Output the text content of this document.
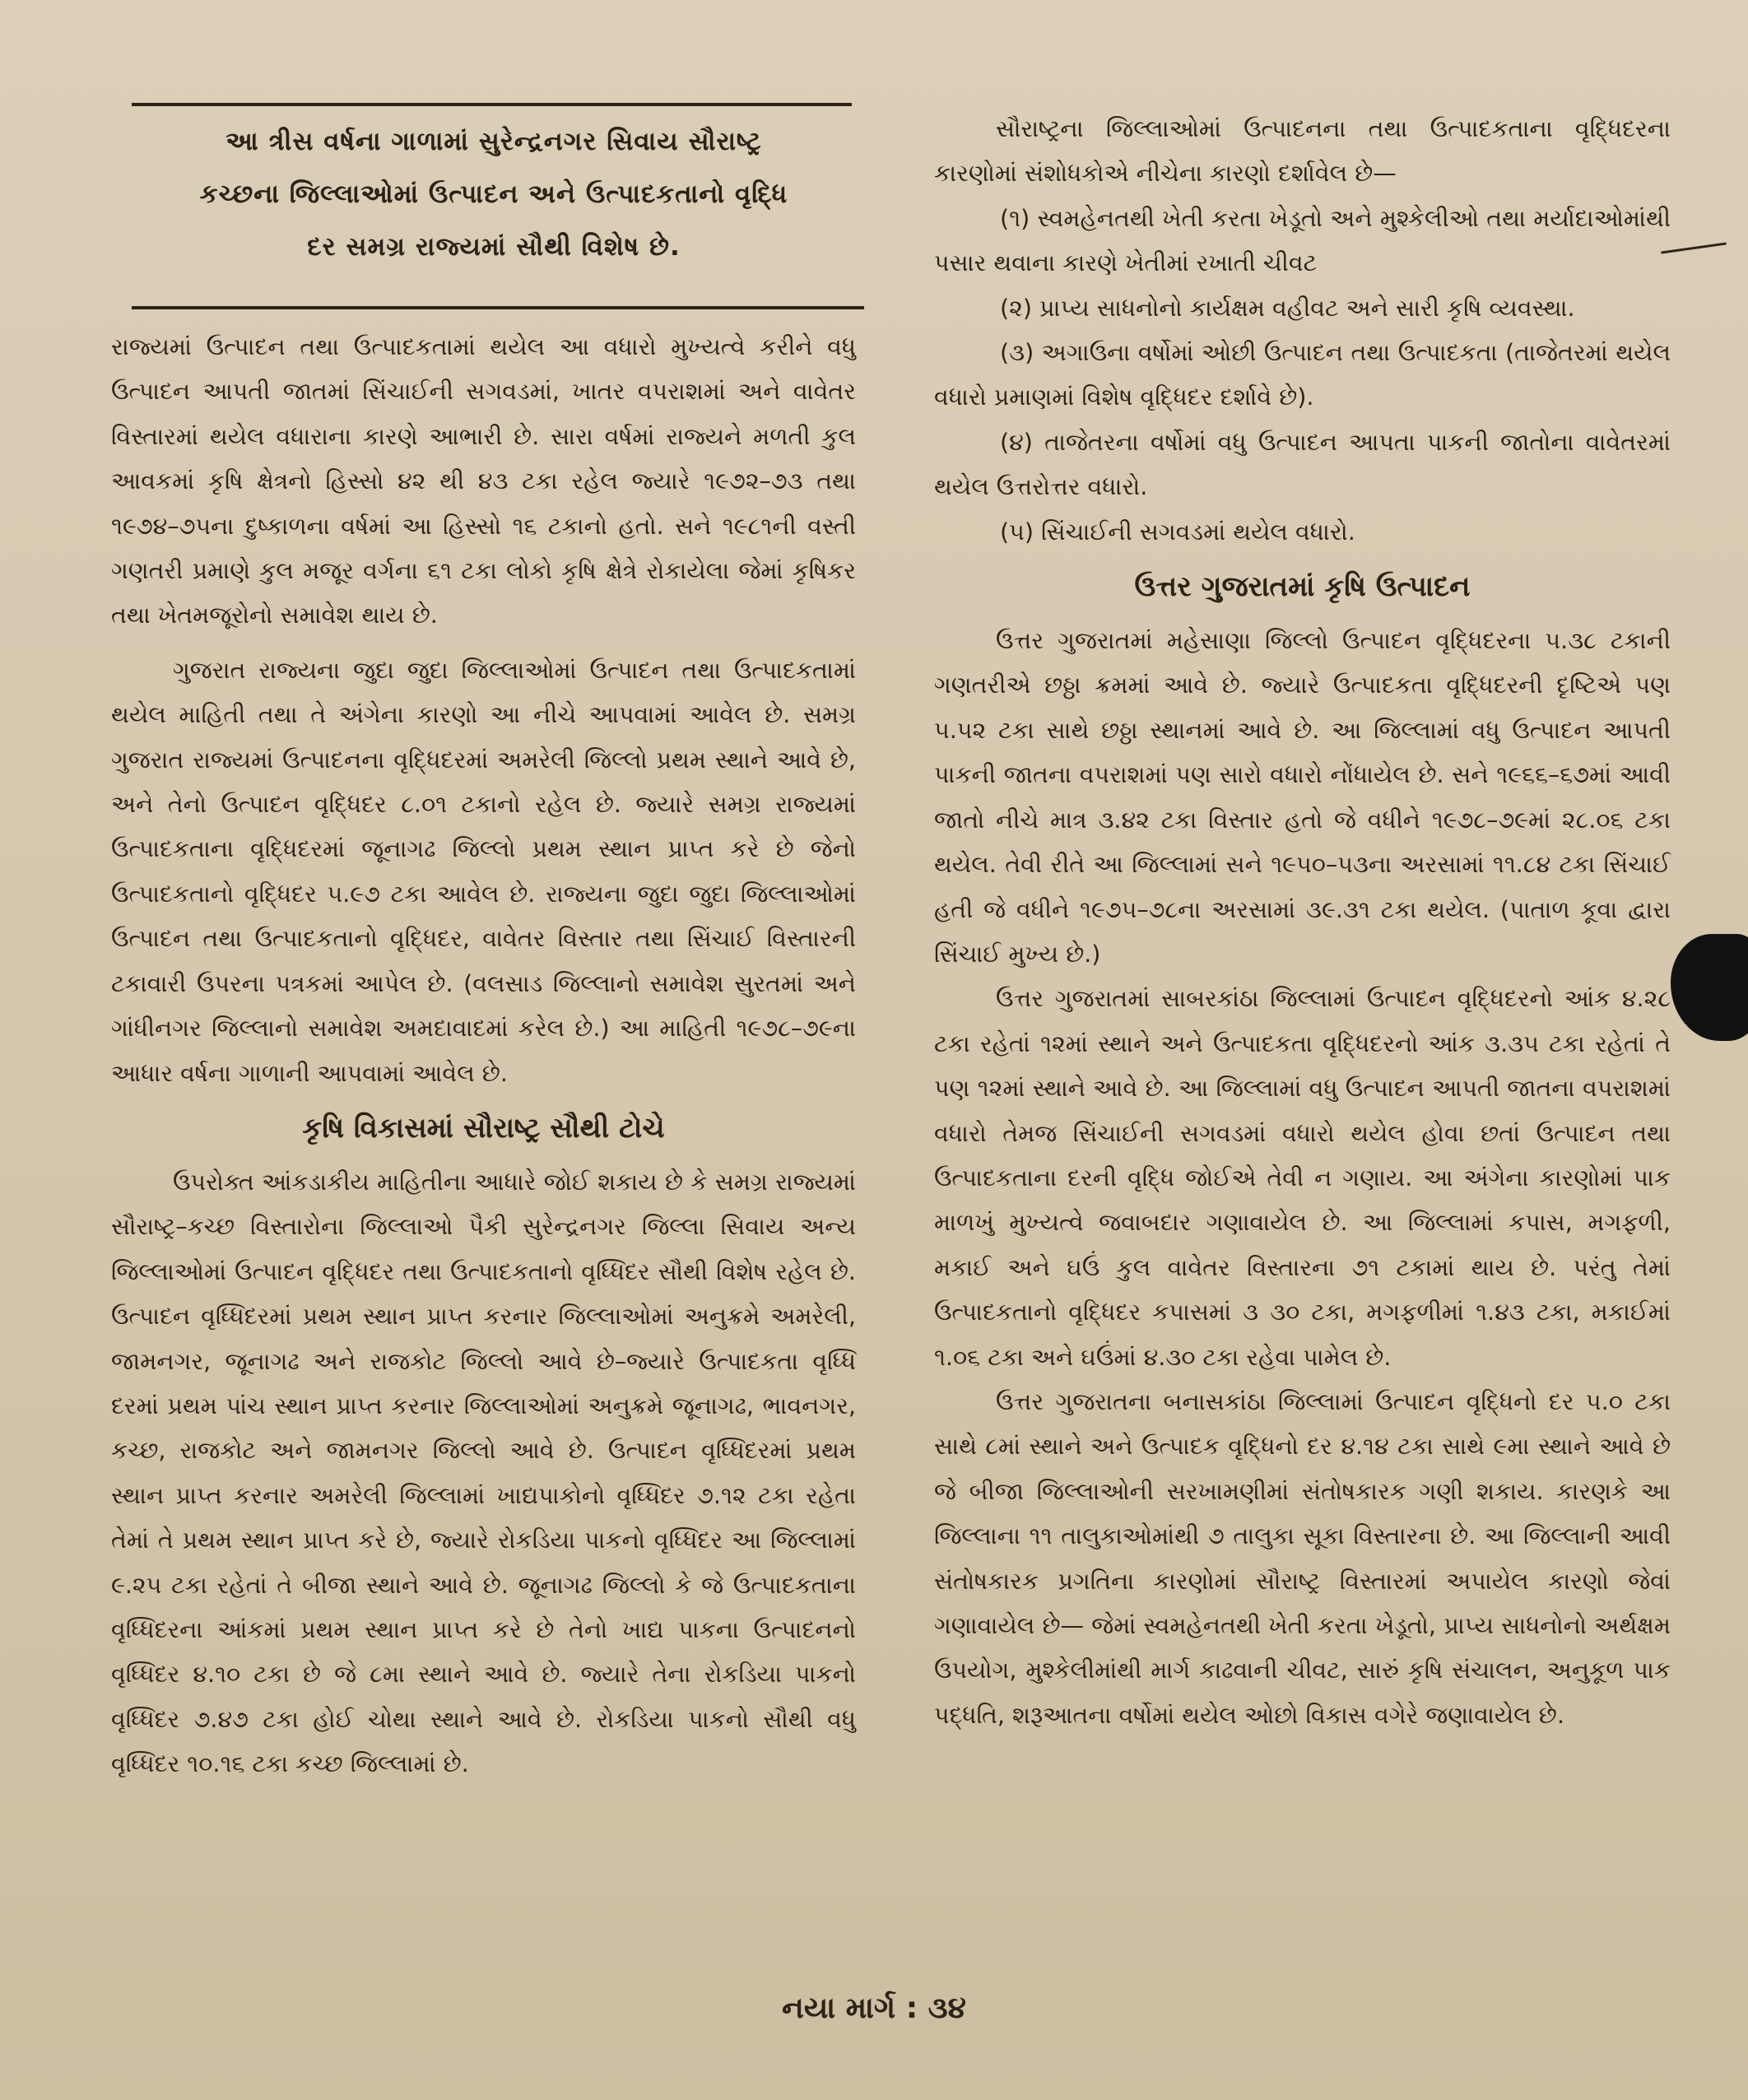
આ ત્રીસ વર્ષના ગાળામાં સુરેન્દ્રનગર સિવાય સૌરાષ્ટ્ર

કચ્છના જિલ્લાઓમાં ઉત્પાદન અને ઉત્પાદકતાનો વૃદ્ધિ

દર સમગ્ર રાજ્યમાં સૌથી વિશેષ છે.

રાજ્યમાં ઉત્પાદન તથા ઉત્પાદકતામાં થયેલ આ વધારો મુખ્યત્વે કરીને વધુ ઉત્પાદન આપતી જાતમાં સિંચાઈની સગવડમાં, ખાતર વપરાશમાં અને વાવેતર વિસ્તારમાં થયેલ વધારાના કારણે આભારી છે. સારા વર્ષમાં રાજ્યને મળતી કુલ આવકમાં કૃષિ ક્ષેત્રનો હિસ્સો ૪૨ થી ૪૩ ટકા રહેલ જ્યારે ૧૯૭૨–૭૩ તથા ૧૯૭૪–૭૫ના દુષ્કાળના વર્ષમાં આ હિસ્સો ૧૬ ટકાનો હતો. સને ૧૯૮૧ની વસ્તી ગણતરી પ્રમાણે કુલ મજૂર વર્ગના ૬૧ ટકા લોકો કૃષિ ક્ષેત્રે રોકાયેલા જેમાં કૃષિકર તથા ખેતમજૂરોનો સમાવેશ થાય છે.

ગુજરાત રાજ્યના જુદા જુદા જિલ્લાઓમાં ઉત્પાદન તથા ઉત્પાદકતામાં થયેલ માહિતી તથા તે અંગેના કારણો આ નીચે આપવામાં આવેલ છે. સમગ્ર ગુજરાત રાજ્યમાં ઉત્પાદનના વૃદ્ધિદરમાં અમરેલી જિલ્લો પ્રથમ સ્થાને આવે છે, અને તેનો ઉત્પાદન વૃદ્ધિદર ૮.૦૧ ટકાનો રહેલ છે. જ્યારે સમગ્ર રાજ્યમાં ઉત્પાદકતાના વૃદ્ધિદરમાં જૂનાગઢ જિલ્લો પ્રથમ સ્થાન પ્રાપ્ત કરે છે જેનો ઉત્પાદકતાનો વૃદ્ધિદર ૫.૯૭ ટકા આવેલ છે. રાજ્યના જુદા જુદા જિલ્લાઓમાં ઉત્પાદન તથા ઉત્પાદકતાનો વૃદ્ધિદર, વાવેતર વિસ્તાર તથા સિંચાઈ વિસ્તારની ટકાવારી ઉપરના પત્રકમાં આપેલ છે. (વલસાડ જિલ્લાનો સમાવેશ સુરતમાં અને ગાંધીનગર જિલ્લાનો સમાવેશ અમદાવાદમાં કરેલ છે.) આ માહિતી ૧૯૭૮–૭૯ના આધાર વર્ષના ગાળાની આપવામાં આવેલ છે.

કૃષિ વિકાસમાં સૌરાષ્ટ્ર સૌથી ટોચે

ઉપરોક્ત આંકડાકીય માહિતીના આધારે જોઈ શકાય છે કે સમગ્ર રાજ્યમાં સૌરાષ્ટ્ર–કચ્છ વિસ્તારોના જિલ્લાઓ પૈકી સુરેન્દ્રનગર જિલ્લા સિવાય અન્ય જિલ્લાઓમાં ઉત્પાદન વૃદ્ધિદર તથા ઉત્પાદકતાનો વૃધ્ધિદર સૌથી વિશેષ રહેલ છે. ઉત્પાદન વૃધ્ધિદરમાં પ્રથમ સ્થાન પ્રાપ્ત કરનાર જિલ્લાઓમાં અનુક્રમે અમરેલી, જામનગર, જૂનાગઢ અને રાજકોટ જિલ્લો આવે છે–જ્યારે ઉત્પાદકતા વૃધ્ધિ દરમાં પ્રથમ પાંચ સ્થાન પ્રાપ્ત કરનાર જિલ્લાઓમાં અનુક્રમે જૂનાગઢ, ભાવનગર, કચ્છ, રાજકોટ અને જામનગર જિલ્લો આવે છે. ઉત્પાદન વૃધ્ધિદરમાં પ્રથમ સ્થાન પ્રાપ્ત કરનાર અમરેલી જિલ્લામાં ખાદ્યપાકોનો વૃધ્ધિદર ૭.૧૨ ટકા રહેતા તેમાં તે પ્રથમ સ્થાન પ્રાપ્ત કરે છે, જ્યારે રોકડિયા પાકનો વૃધ્ધિદર આ જિલ્લામાં ૯.૨૫ ટકા રહેતાં તે બીજા સ્થાને આવે છે. જૂનાગઢ જિલ્લો કે જે ઉત્પાદકતાના વૃધ્ધિદરના આંકમાં પ્રથમ સ્થાન પ્રાપ્ત કરે છે તેનો ખાદ્ય પાકના ઉત્પાદનનો વૃધ્ધિદર ૪.૧૦ ટકા છે જે ૮મા સ્થાને આવે છે. જ્યારે તેના રોકડિયા પાકનો વૃધ્ધિદર ૭.૪૭ ટકા હોઈ ચોથા સ્થાને આવે છે. રોકડિયા પાકનો સૌથી વધુ વૃધ્ધિદર ૧૦.૧૬ ટકા કચ્છ જિલ્લામાં છે.

સૌરાષ્ટ્રના જિલ્લાઓમાં ઉત્પાદનના તથા ઉત્પાદકતાના વૃદ્ધિદરના કારણોમાં સંશોધકોએ નીચેના કારણો દર્શાવેલ છે—

(૧) સ્વમહેનતથી ખેતી કરતા ખેડૂતો અને મુશ્કેલીઓ તથા મર્યાદાઓમાંથી પસાર થવાના કારણે ખેતીમાં રખાતી ચીવટ

(૨) પ્રાપ્ય સાધનોનો કાર્યક્ષમ વહીવટ અને સારી કૃષિ વ્યવસ્થા.

(૩) અગાઉના વર્ષોમાં ઓછી ઉત્પાદન તથા ઉત્પાદકતા (તાજેતરમાં થયેલ વધારો પ્રમાણમાં વિશેષ વૃદ્ધિદર દર્શાવે છે).

(૪) તાજેતરના વર્ષોમાં વધુ ઉત્પાદન આપતા પાકની જાતોના વાવેતરમાં થયેલ ઉત્તરોત્તર વધારો.

(૫) સિંચાઈની સગવડમાં થયેલ વધારો.

ઉત્તર ગુજરાતમાં કૃષિ ઉત્પાદન

ઉત્તર ગુજરાતમાં મહેસાણા જિલ્લો ઉત્પાદન વૃદ્ધિદરના ૫.૩૮ ટકાની ગણતરીએ છઠ્ઠા ક્રમમાં આવે છે. જ્યારે ઉત્પાદકતા વૃદ્ધિદરની દૃષ્ટિએ પણ ૫.૫૨ ટકા સાથે છઠ્ઠા સ્થાનમાં આવે છે. આ જિલ્લામાં વધુ ઉત્પાદન આપતી પાકની જાતના વપરાશમાં પણ સારો વધારો નોંધાયેલ છે. સને ૧૯૬૬–૬૭માં આવી જાતો નીચે માત્ર ૩.૪૨ ટકા વિસ્તાર હતો જે વધીને ૧૯૭૮–૭૯માં ૨૮.૦૬ ટકા થયેલ. તેવી રીતે આ જિલ્લામાં સને ૧૯૫૦–૫૩ના અરસામાં ૧૧.૮૪ ટકા સિંચાઈ હતી જે વધીને ૧૯૭૫–૭૮ના અરસામાં ૩૯.૩૧ ટકા થયેલ. (પાતાળ કૂવા દ્વારા સિંચાઈ મુખ્ય છે.)

ઉત્તર ગુજરાતમાં સાબરકાંઠા જિલ્લામાં ઉત્પાદન વૃદ્ધિદરનો આંક ૪.૨૮ ટકા રહેતાં ૧૨માં સ્થાને અને ઉત્પાદકતા વૃદ્ધિદરનો આંક ૩.૩૫ ટકા રહેતાં તે પણ ૧૨માં સ્થાને આવે છે. આ જિલ્લામાં વધુ ઉત્પાદન આપતી જાતના વપરાશમાં વધારો તેમજ સિંચાઈની સગવડમાં વધારો થયેલ હોવા છતાં ઉત્પાદન તથા ઉત્પાદકતાના દરની વૃદ્ધિ જોઈએ તેવી ન ગણાય. આ અંગેના કારણોમાં પાક માળખું મુખ્યત્વે જવાબદાર ગણાવાયેલ છે. આ જિલ્લામાં કપાસ, મગફળી, મકાઈ અને ઘઉં કુલ વાવેતર વિસ્તારના ૭૧ ટકામાં થાય છે. પરંતુ તેમાં ઉત્પાદકતાનો વૃદ્ધિદર કપાસમાં ૩ ૩૦ ટકા, મગફળીમાં ૧.૪૩ ટકા, મકાઈમાં ૧.૦૬ ટકા અને ઘઉંમાં ૪.૩૦ ટકા રહેવા પામેલ છે.

ઉત્તર ગુજરાતના બનાસકાંઠા જિલ્લામાં ઉત્પાદન વૃદ્ધિનો દર ૫.૦ ટકા સાથે ૮માં સ્થાને અને ઉત્પાદક વૃદ્ધિનો દર ૪.૧૪ ટકા સાથે ૯મા સ્થાને આવે છે જે બીજા જિલ્લાઓની સરખામણીમાં સંતોષકારક ગણી શકાય. કારણકે આ જિલ્લાના ૧૧ તાલુકાઓમાંથી ૭ તાલુકા સૂકા વિસ્તારના છે. આ જિલ્લાની આવી સંતોષકારક પ્રગતિના કારણોમાં સૌરાષ્ટ્ર વિસ્તારમાં અપાયેલ કારણો જેવાં ગણાવાયેલ છે— જેમાં સ્વમહેનતથી ખેતી કરતા ખેડૂતો, પ્રાપ્ય સાધનોનો અર્થક્ષમ ઉપયોગ, મુશ્કેલીમાંથી માર્ગ કાઢવાની ચીવટ, સારું કૃષિ સંચાલન, અનુકૂળ પાક પદ્ધતિ, શરૂઆતના વર્ષોમાં થયેલ ઓછો વિકાસ વગેરે જણાવાયેલ છે.

નયા માર્ગ : ૩૪
